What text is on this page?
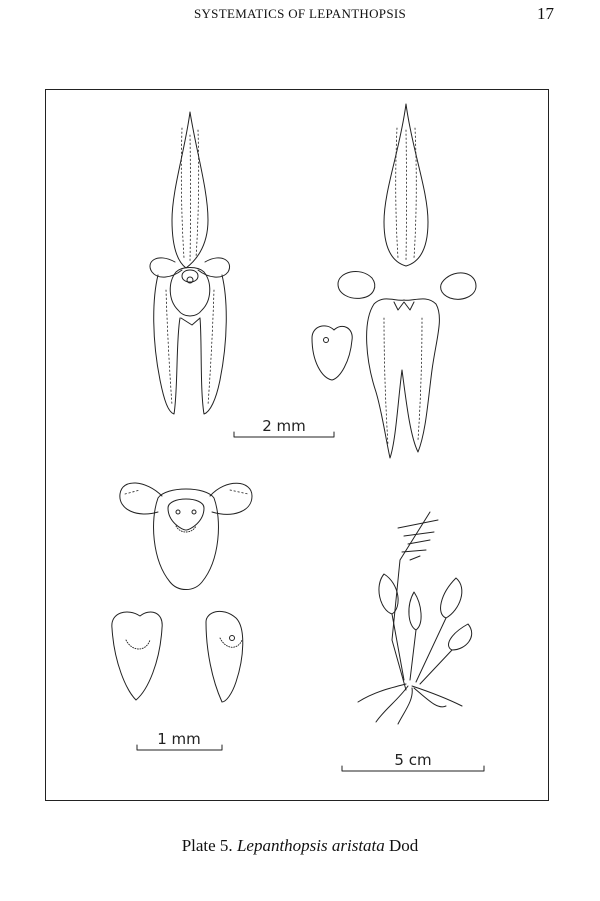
SYSTEMATICS OF LEPANTHOPSIS	17
2 mm
1 mm
5 cm
Plate 5. Lepanthopsis aristata Dod
